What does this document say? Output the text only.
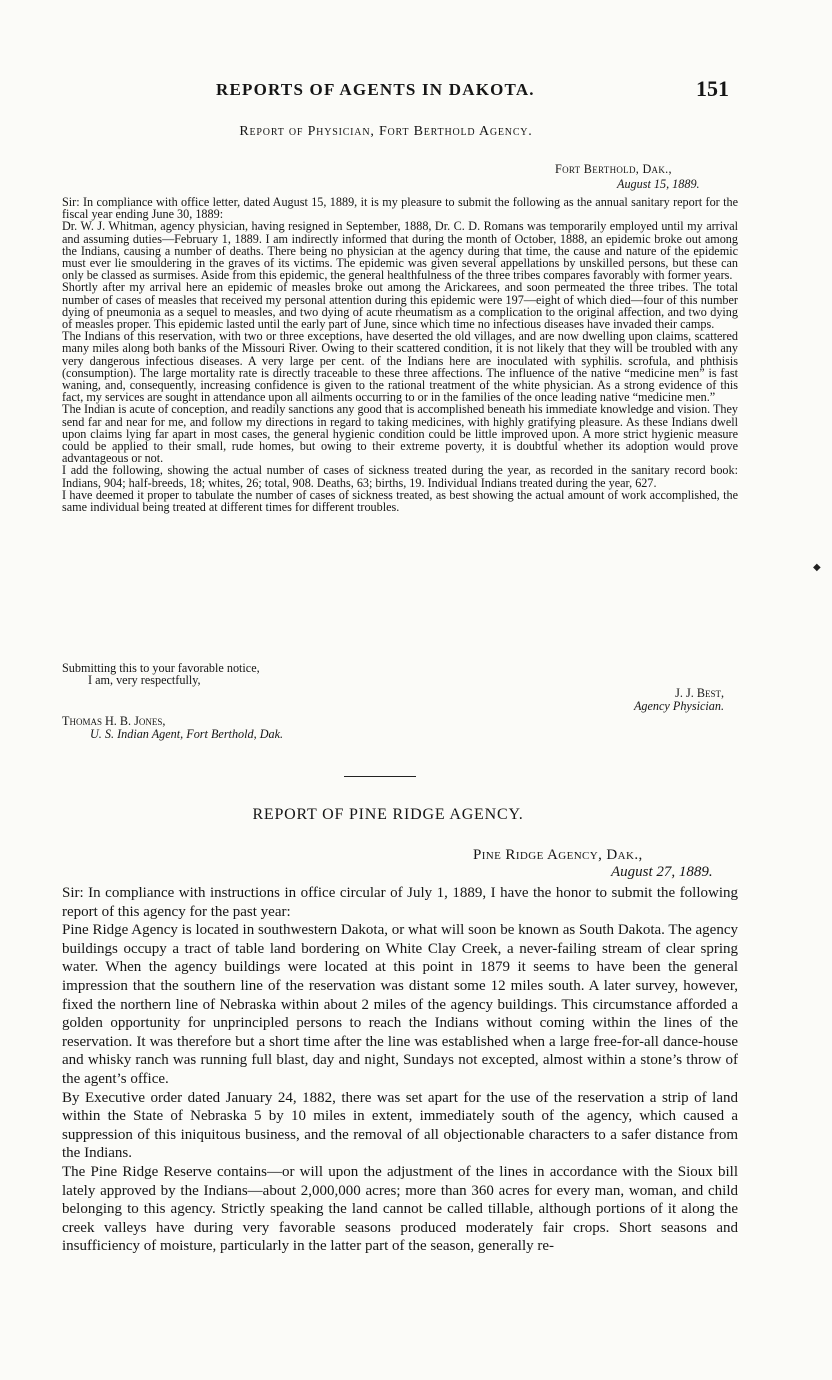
REPORTS OF AGENTS IN DAKOTA.	151
Report of Physician, Fort Berthold Agency.
Fort Berthold, Dak.,
August 15, 1889.

Sir: In compliance with office letter, dated August 15, 1889, it is my pleasure to submit the following as the annual sanitary report for the fiscal year ending June 30, 1889:

Dr. W. J. Whitman, agency physician, having resigned in September, 1888, Dr. C. D. Romans was temporarily employed until my arrival and assuming duties—February 1, 1889. I am indirectly informed that during the month of October, 1888, an epidemic broke out among the Indians, causing a number of deaths. There being no physician at the agency during that time, the cause and nature of the epidemic must ever lie smouldering in the graves of its victims. The epidemic was given several appellations by unskilled persons, but these can only be classed as surmises. Aside from this epidemic, the general healthfulness of the three tribes compares favorably with former years.

Shortly after my arrival here an epidemic of measles broke out among the Arickarees, and soon permeated the three tribes. The total number of cases of measles that received my personal attention during this epidemic were 197—eight of which died—four of this number dying of pneumonia as a sequel to measles, and two dying of acute rheumatism as a complication to the original affection, and two dying of measles proper. This epidemic lasted until the early part of June, since which time no infectious diseases have invaded their camps.

The Indians of this reservation, with two or three exceptions, have deserted the old villages, and are now dwelling upon claims, scattered many miles along both banks of the Missouri River. Owing to their scattered condition, it is not likely that they will be troubled with any very dangerous infectious diseases. A very large per cent. of the Indians here are inoculated with syphilis. scrofula, and phthisis (consumption). The large mortality rate is directly traceable to these three affections. The influence of the native “medicine men” is fast waning, and, consequently, increasing confidence is given to the rational treatment of the white physician. As a strong evidence of this fact, my services are sought in attendance upon all ailments occurring to or in the families of the once leading native “medicine men.”

The Indian is acute of conception, and readily sanctions any good that is accomplished beneath his immediate knowledge and vision. They send far and near for me, and follow my directions in regard to taking medicines, with highly gratifying pleasure. As these Indians dwell upon claims lying far apart in most cases, the general hygienic condition could be little improved upon. A more strict hygienic measure could be applied to their small, rude homes, but owing to their extreme poverty, it is doubtful whether its adoption would prove advantageous or not.

I add the following, showing the actual number of cases of sickness treated during the year, as recorded in the sanitary record book: Indians, 904; half-breeds, 18; whites, 26; total, 908. Deaths, 63; births, 19. Individual Indians treated during the year, 627.

I have deemed it proper to tabulate the number of cases of sickness treated, as best showing the actual amount of work accomplished, the same individual being treated at different times for different troubles.

Submitting this to your favorable notice,
I am, very respectfully,
J. J. Best,
Agency Physician.
Thomas H. B. Jones,
U. S. Indian Agent, Fort Berthold, Dak.
REPORT OF PINE RIDGE AGENCY.
Pine Ridge Agency, Dak.,
August 27, 1889.

Sir: In compliance with instructions in office circular of July 1, 1889, I have the honor to submit the following report of this agency for the past year:

Pine Ridge Agency is located in southwestern Dakota, or what will soon be known as South Dakota. The agency buildings occupy a tract of table land bordering on White Clay Creek, a never-failing stream of clear spring water. When the agency buildings were located at this point in 1879 it seems to have been the general impression that the southern line of the reservation was distant some 12 miles south. A later survey, however, fixed the northern line of Nebraska within about 2 miles of the agency buildings. This circumstance afforded a golden opportunity for unprincipled persons to reach the Indians without coming within the lines of the reservation. It was therefore but a short time after the line was established when a large free-for-all dance-house and whisky ranch was running full blast, day and night, Sundays not excepted, almost within a stone’s throw of the agent’s office.

By Executive order dated January 24, 1882, there was set apart for the use of the reservation a strip of land within the State of Nebraska 5 by 10 miles in extent, immediately south of the agency, which caused a suppression of this iniquitous business, and the removal of all objectionable characters to a safer distance from the Indians.

The Pine Ridge Reserve contains—or will upon the adjustment of the lines in accordance with the Sioux bill lately approved by the Indians—about 2,000,000 acres; more than 360 acres for every man, woman, and child belonging to this agency. Strictly speaking the land cannot be called tillable, although portions of it along the creek valleys have during very favorable seasons produced moderately fair crops. Short seasons and insufficiency of moisture, particularly in the latter part of the season, generally re-

◆
